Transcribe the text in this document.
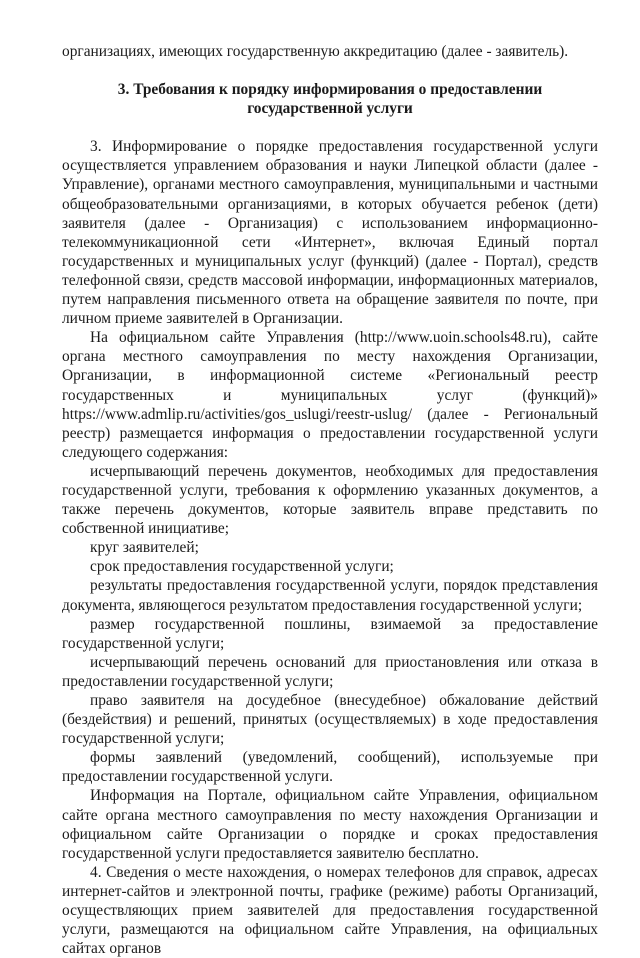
организациях, имеющих государственную аккредитацию (далее - заявитель).

3. Требования к порядку информирования о предоставлении государственной услуги

3. Информирование о порядке предоставления государственной услуги осуществляется управлением образования и науки Липецкой области (далее - Управление), органами местного самоуправления, муниципальными и частными общеобразовательными организациями, в которых обучается ребенок (дети) заявителя (далее - Организация) с использованием информационно-телекоммуникационной сети «Интернет», включая Единый портал государственных и муниципальных услуг (функций) (далее - Портал), средств телефонной связи, средств массовой информации, информационных материалов, путем направления письменного ответа на обращение заявителя по почте, при личном приеме заявителей в Организации.

На официальном сайте Управления (http://www.uoin.schools48.ru), сайте органа местного самоуправления по месту нахождения Организации, Организации, в информационной системе «Региональный реестр государственных и муниципальных услуг (функций)» https://www.admlip.ru/activities/gos_uslugi/reestr-uslug/ (далее - Региональный реестр) размещается информация о предоставлении государственной услуги следующего содержания:

исчерпывающий перечень документов, необходимых для предоставления государственной услуги, требования к оформлению указанных документов, а также перечень документов, которые заявитель вправе представить по собственной инициативе;

круг заявителей;

срок предоставления государственной услуги;

результаты предоставления государственной услуги, порядок представления документа, являющегося результатом предоставления государственной услуги;

размер государственной пошлины, взимаемой за предоставление государственной услуги;

исчерпывающий перечень оснований для приостановления или отказа в предоставлении государственной услуги;

право заявителя на досудебное (внесудебное) обжалование действий (бездействия) и решений, принятых (осуществляемых) в ходе предоставления государственной услуги;

формы заявлений (уведомлений, сообщений), используемые при предоставлении государственной услуги.

Информация на Портале, официальном сайте Управления, официальном сайте органа местного самоуправления по месту нахождения Организации и официальном сайте Организации о порядке и сроках предоставления государственной услуги предоставляется заявителю бесплатно.

4. Сведения о месте нахождения, о номерах телефонов для справок, адресах интернет-сайтов и электронной почты, графике (режиме) работы Организаций, осуществляющих прием заявителей для предоставления государственной услуги, размещаются на официальном сайте Управления, на официальных сайтах органов
